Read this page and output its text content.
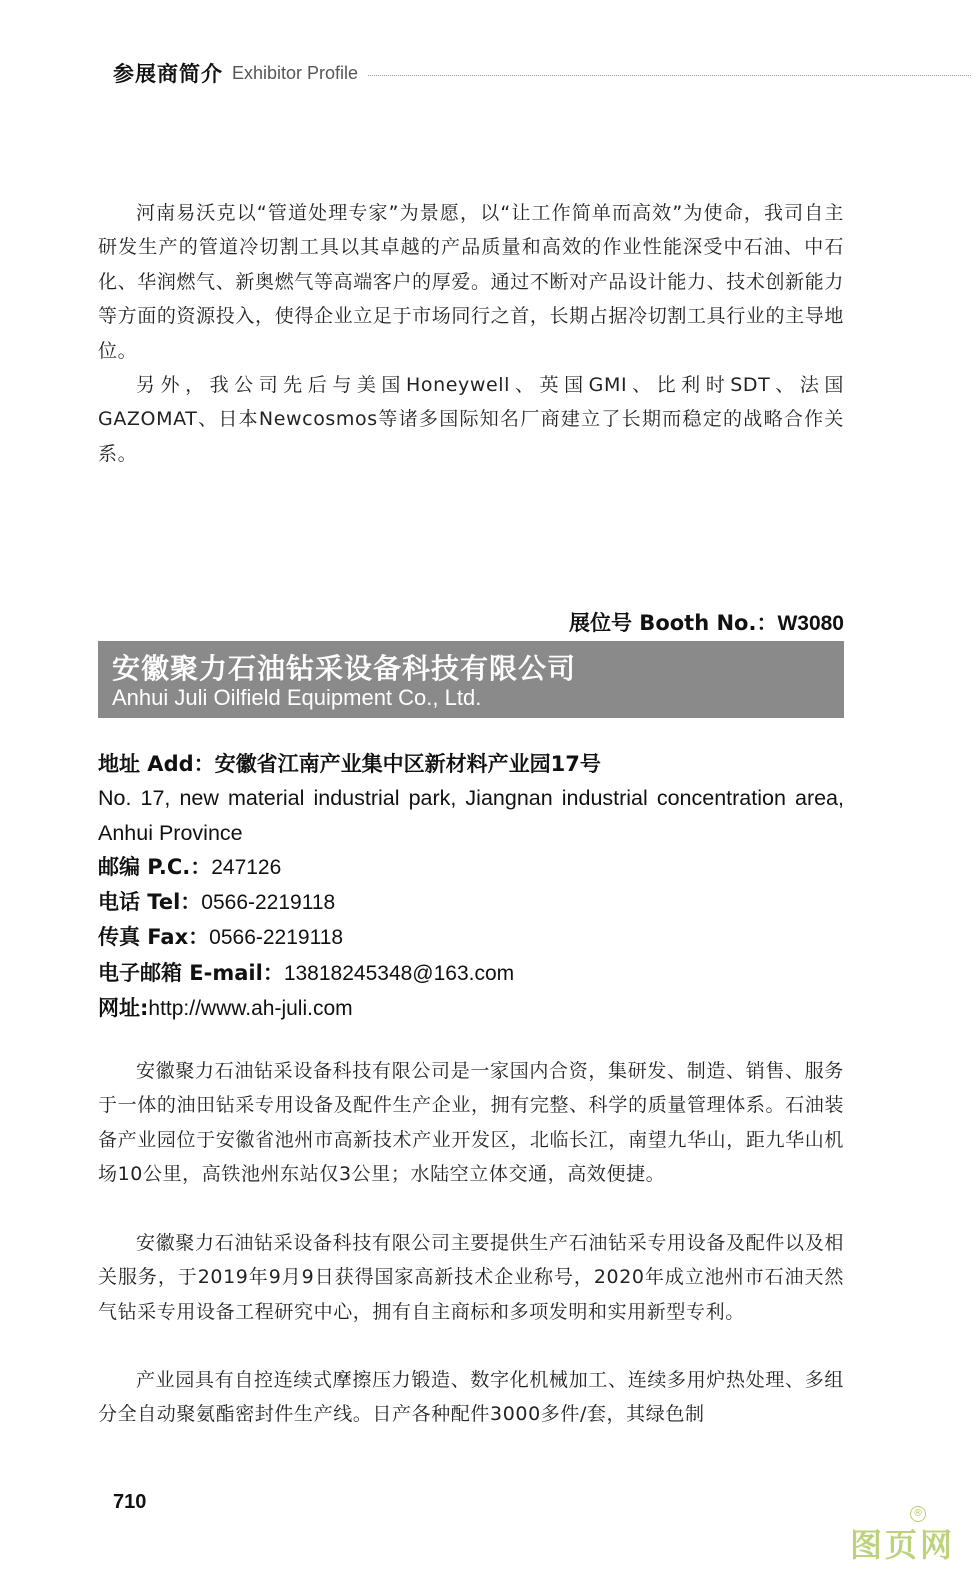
参展商简介 Exhibitor Profile

河南易沃克以“管道处理专家”为景愿，以“让工作简单而高效”为使命，我司自主研发生产的管道冷切割工具以其卓越的产品质量和高效的作业性能深受中石油、中石化、华润燃气、新奥燃气等高端客户的厚爱。通过不断对产品设计能力、技术创新能力等方面的资源投入，使得企业立足于市场同行之首，长期占据冷切割工具行业的主导地位。

另外，我公司先后与美国Honeywell、英国GMI、比利时SDT、法国GAZOMAT、日本Newcosmos等诸多国际知名厂商建立了长期而稳定的战略合作关系。

展位号 Booth No.：W3080
安徽聚力石油钻采设备科技有限公司
Anhui Juli Oilfield Equipment Co., Ltd.
地址 Add：安徽省江南产业集中区新材料产业园17号
No. 17, new material industrial park, Jiangnan industrial concentration area, Anhui Province
邮编 P.C.：247126
电话 Tel：0566-2219118
传真 Fax：0566-2219118
电子邮箱 E-mail：13818245348@163.com
网址:http://www.ah-juli.com

安徽聚力石油钻采设备科技有限公司是一家国内合资，集研发、制造、销售、服务于一体的油田钻采专用设备及配件生产企业，拥有完整、科学的质量管理体系。石油装备产业园位于安徽省池州市高新技术产业开发区，北临长江，南望九华山，距九华山机场10公里，高铁池州东站仅3公里；水陆空立体交通，高效便捷。

安徽聚力石油钻采设备科技有限公司主要提供生产石油钻采专用设备及配件以及相关服务，于2019年9月9日获得国家高新技术企业称号，2020年成立池州市石油天然气钻采专用设备工程研究中心，拥有自主商标和多项发明和实用新型专利。

产业园具有自控连续式摩擦压力锻造、数字化机械加工、连续多用炉热处理、多组分全自动聚氨酯密封件生产线。日产各种配件3000多件/套，其绿色制

710
图页网
®
